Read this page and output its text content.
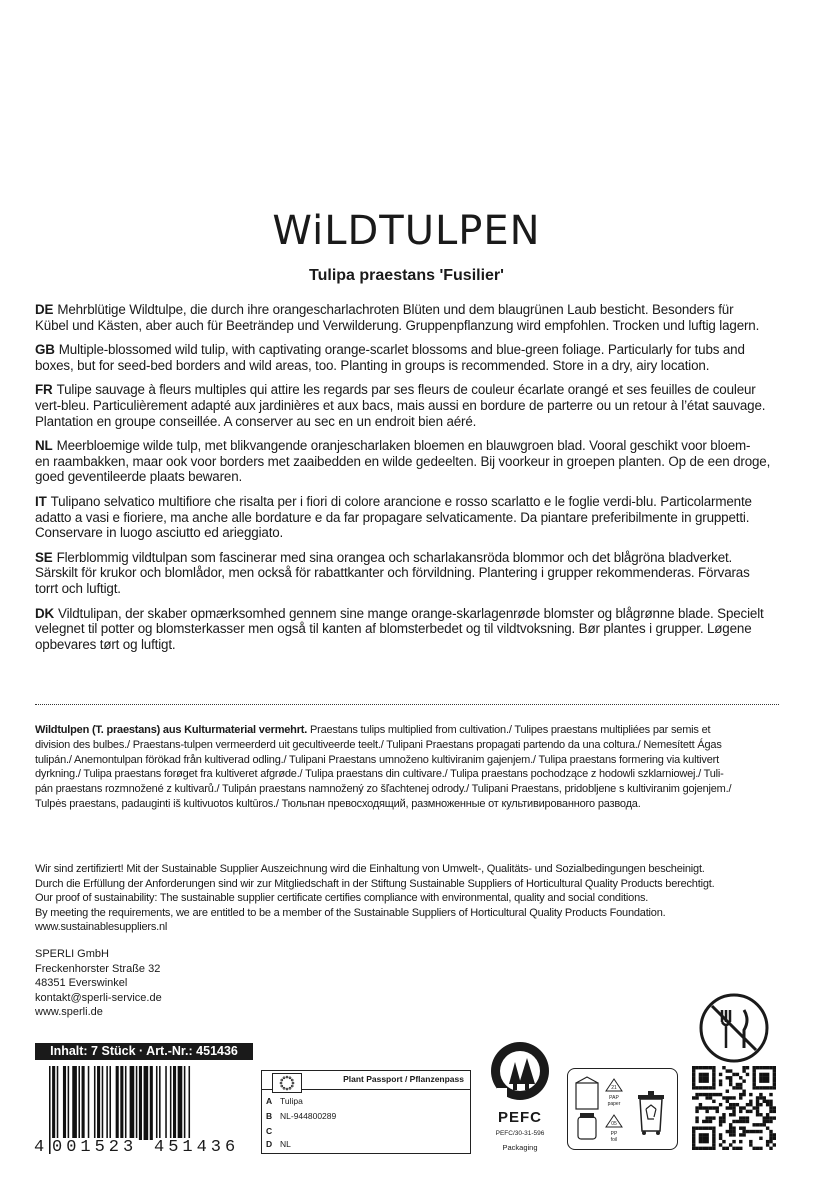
WiLDTULPEN
Tulipa praestans 'Fusilier'
DE Mehrblütige Wildtulpe, die durch ihre orangescharlachroten Blüten und dem blaugrünen Laub besticht. Besonders für
Kübel und Kästen, aber auch für Beeträndер und Verwilderung. Gruppenpflanzung wird empfohlen. Trocken und luftig lagern.
GB Multiple-blossomed wild tulip, with captivating orange-scarlet blossoms and blue-green foliage. Particularly for tubs and
boxes, but for seed-bed borders and wild areas, too. Planting in groups is recommended. Store in a dry, airy location.
FR Tulipe sauvage à fleurs multiples qui attire les regards par ses fleurs de couleur écarlate orangé et ses feuilles de couleur
vert-bleu. Particulièrement adapté aux jardinières et aux bacs, mais aussi en bordure de parterre ou un retour à l’état sauvage.
Plantation en groupe conseillée. A conserver au sec en un endroit bien aéré.
NL Meerbloemige wilde tulp, met blikvangende oranjescharlaken bloemen en blauwgroen blad. Vooral geschikt voor bloem-
en raambakken, maar ook voor borders met zaaibedden en wilde gedeelten. Bij voorkeur in groepen planten. Op de een droge,
goed geventileerde plaats bewaren.
IT Tulipano selvatico multifiore che risalta per i fiori di colore arancione e rosso scarlatto e le foglie verdi-blu. Particolarmente
adatto a vasi e fioriere, ma anche alle bordature e da far propagare selvaticamente. Da piantare preferibilmente in gruppetti.
Conservare in luogo asciutto ed arieggiato.
SE Flerblommig vildtulpan som fascinerar med sina orangea och scharlakansröda blommor och det blågröna bladverket.
Särskilt för krukor och blomlådor, men också för rabattkanter och förvildning. Plantering i grupper rekommenderas. Förvaras
torrt och luftigt.
DK Vildtulipan, der skaber opmærksomhed gennem sine mange orange-skarlagenrøde blomster og blågrønne blade. Specielt
velegnet til potter og blomsterkasser men også til kanten af blomsterbedet og til vildtvoksning. Bør plantes i grupper. Løgene
opbevares tørt og luftigt.
Wildtulpen (T. praestans) aus Kulturmaterial vermehrt. Praestans tulips multiplied from cultivation./ Tulipes praestans multipliées par semis et
division des bulbes./ Praestans-tulpen vermeerderd uit gecultiveerde teelt./ Tulipani Praestans propagati partendo da una coltura./ Nemesített Ágas
tulipán./ Anemontulpan förökad från kultiverad odling./ Tulipani Praestans umnoženo kultiviranim gajenjem./ Tulipa praestans formering via kultivert
dyrkning./ Tulipa praestans forøget fra kultiveret afgrøde./ Tulipa praestans din cultivare./ Tulipa praestans pochodzące z hodowli szklarniowej./ Tuli-
pán praestans rozmnožené z kultivarů./ Tulipán praestans namnožený zo šľachtenej odrody./ Tulipani Praestans, pridobljene s kultiviranim gojenjem./
Tulpės praestans, padauginti iš kultivuotos kultūros./ Тюльпан превосходящий, размноженные от культивированного развода.
Wir sind zertifiziert! Mit der Sustainable Supplier Auszeichnung wird die Einhaltung von Umwelt-, Qualitäts- und Sozialbedingungen bescheinigt.
Durch die Erfüllung der Anforderungen sind wir zur Mitgliedschaft in der Stiftung Sustainable Suppliers of Horticultural Quality Products berechtigt.
Our proof of sustainability: The sustainable supplier certificate certifies compliance with environmental, quality and social conditions.
By meeting the requirements, we are entitled to be a member of the Sustainable Suppliers of Horticultural Quality Products Foundation.
www.sustainablesuppliers.nl
SPERLI GmbH
Freckenhorster Straße 32
48351 Everswinkel
kontakt@sperli-service.de
www.sperli.de
Inhalt: 7 Stück · Art.-Nr.: 451436
4 001523 451436
Plant Passport / Pflanzenpass
A Tulipa
B NL-944800289
C
D NL
PEFC
PEFC/30-31-596
Packaging
21
PAP
paper
05
PP
foil
